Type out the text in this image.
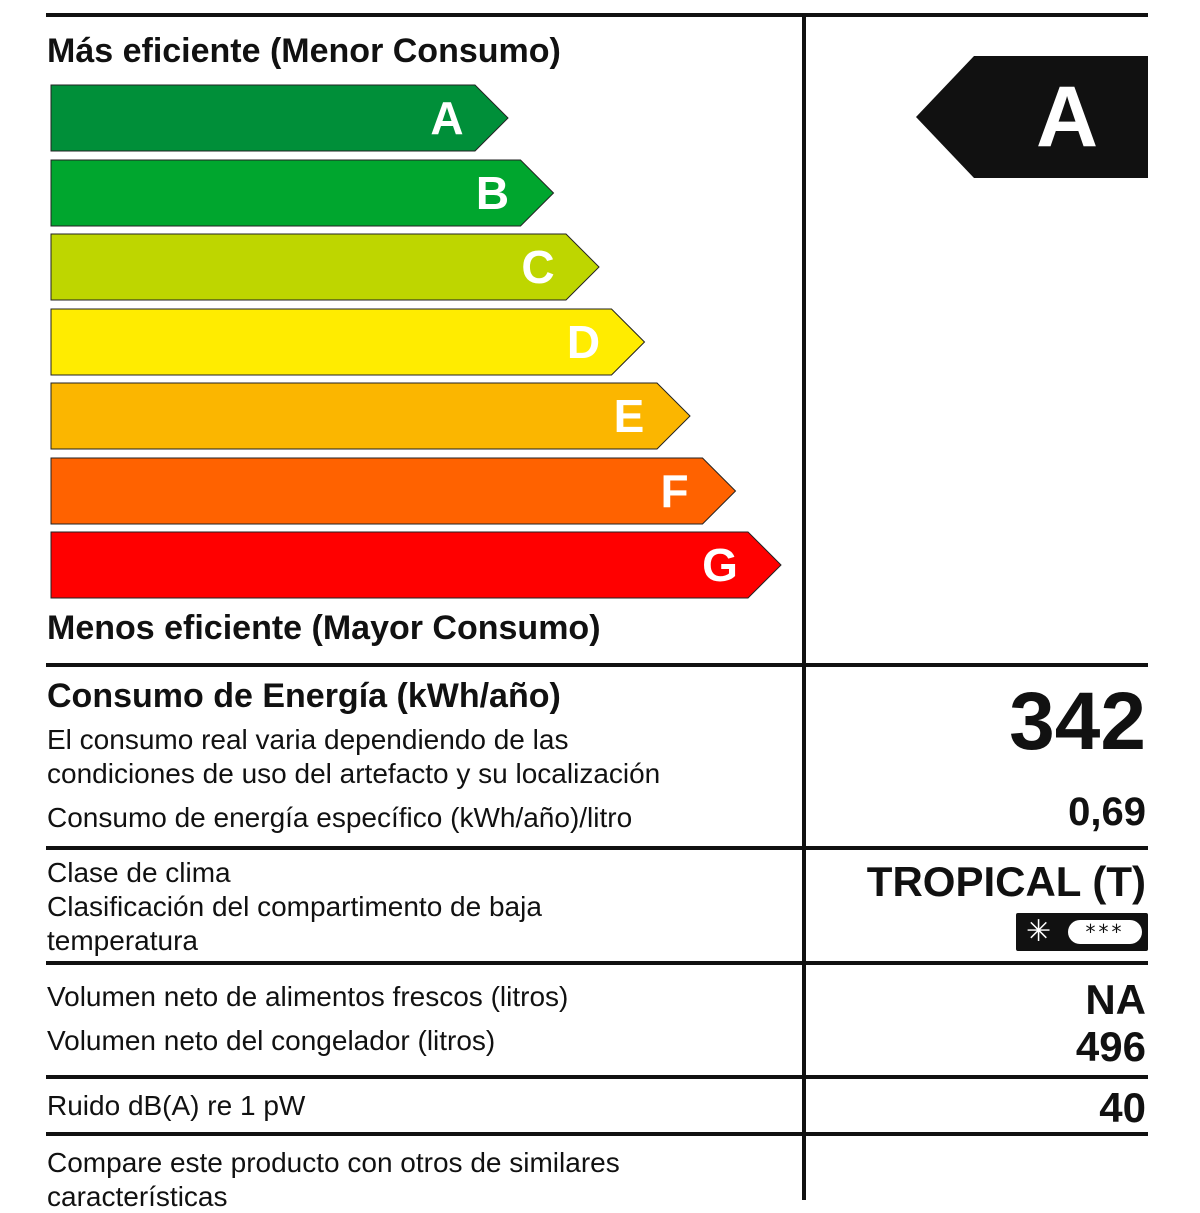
Más eficiente (Menor Consumo)
A
B
C
D
E
F
G
Menos eficiente (Mayor Consumo)
A
Consumo de Energía (kWh/año)
El consumo real varia dependiendo de las
condiciones de uso del artefacto y su localización
342
Consumo de energía específico (kWh/año)/litro	0,69
Clase de clima
Clasificación del compartimento de baja
temperatura
TROPICAL (T)
✳	***
Volumen neto de alimentos frescos (litros)	NA
Volumen neto del congelador (litros)	496
Ruido dB(A) re 1 pW	40
Compare este producto con otros de similares
características
